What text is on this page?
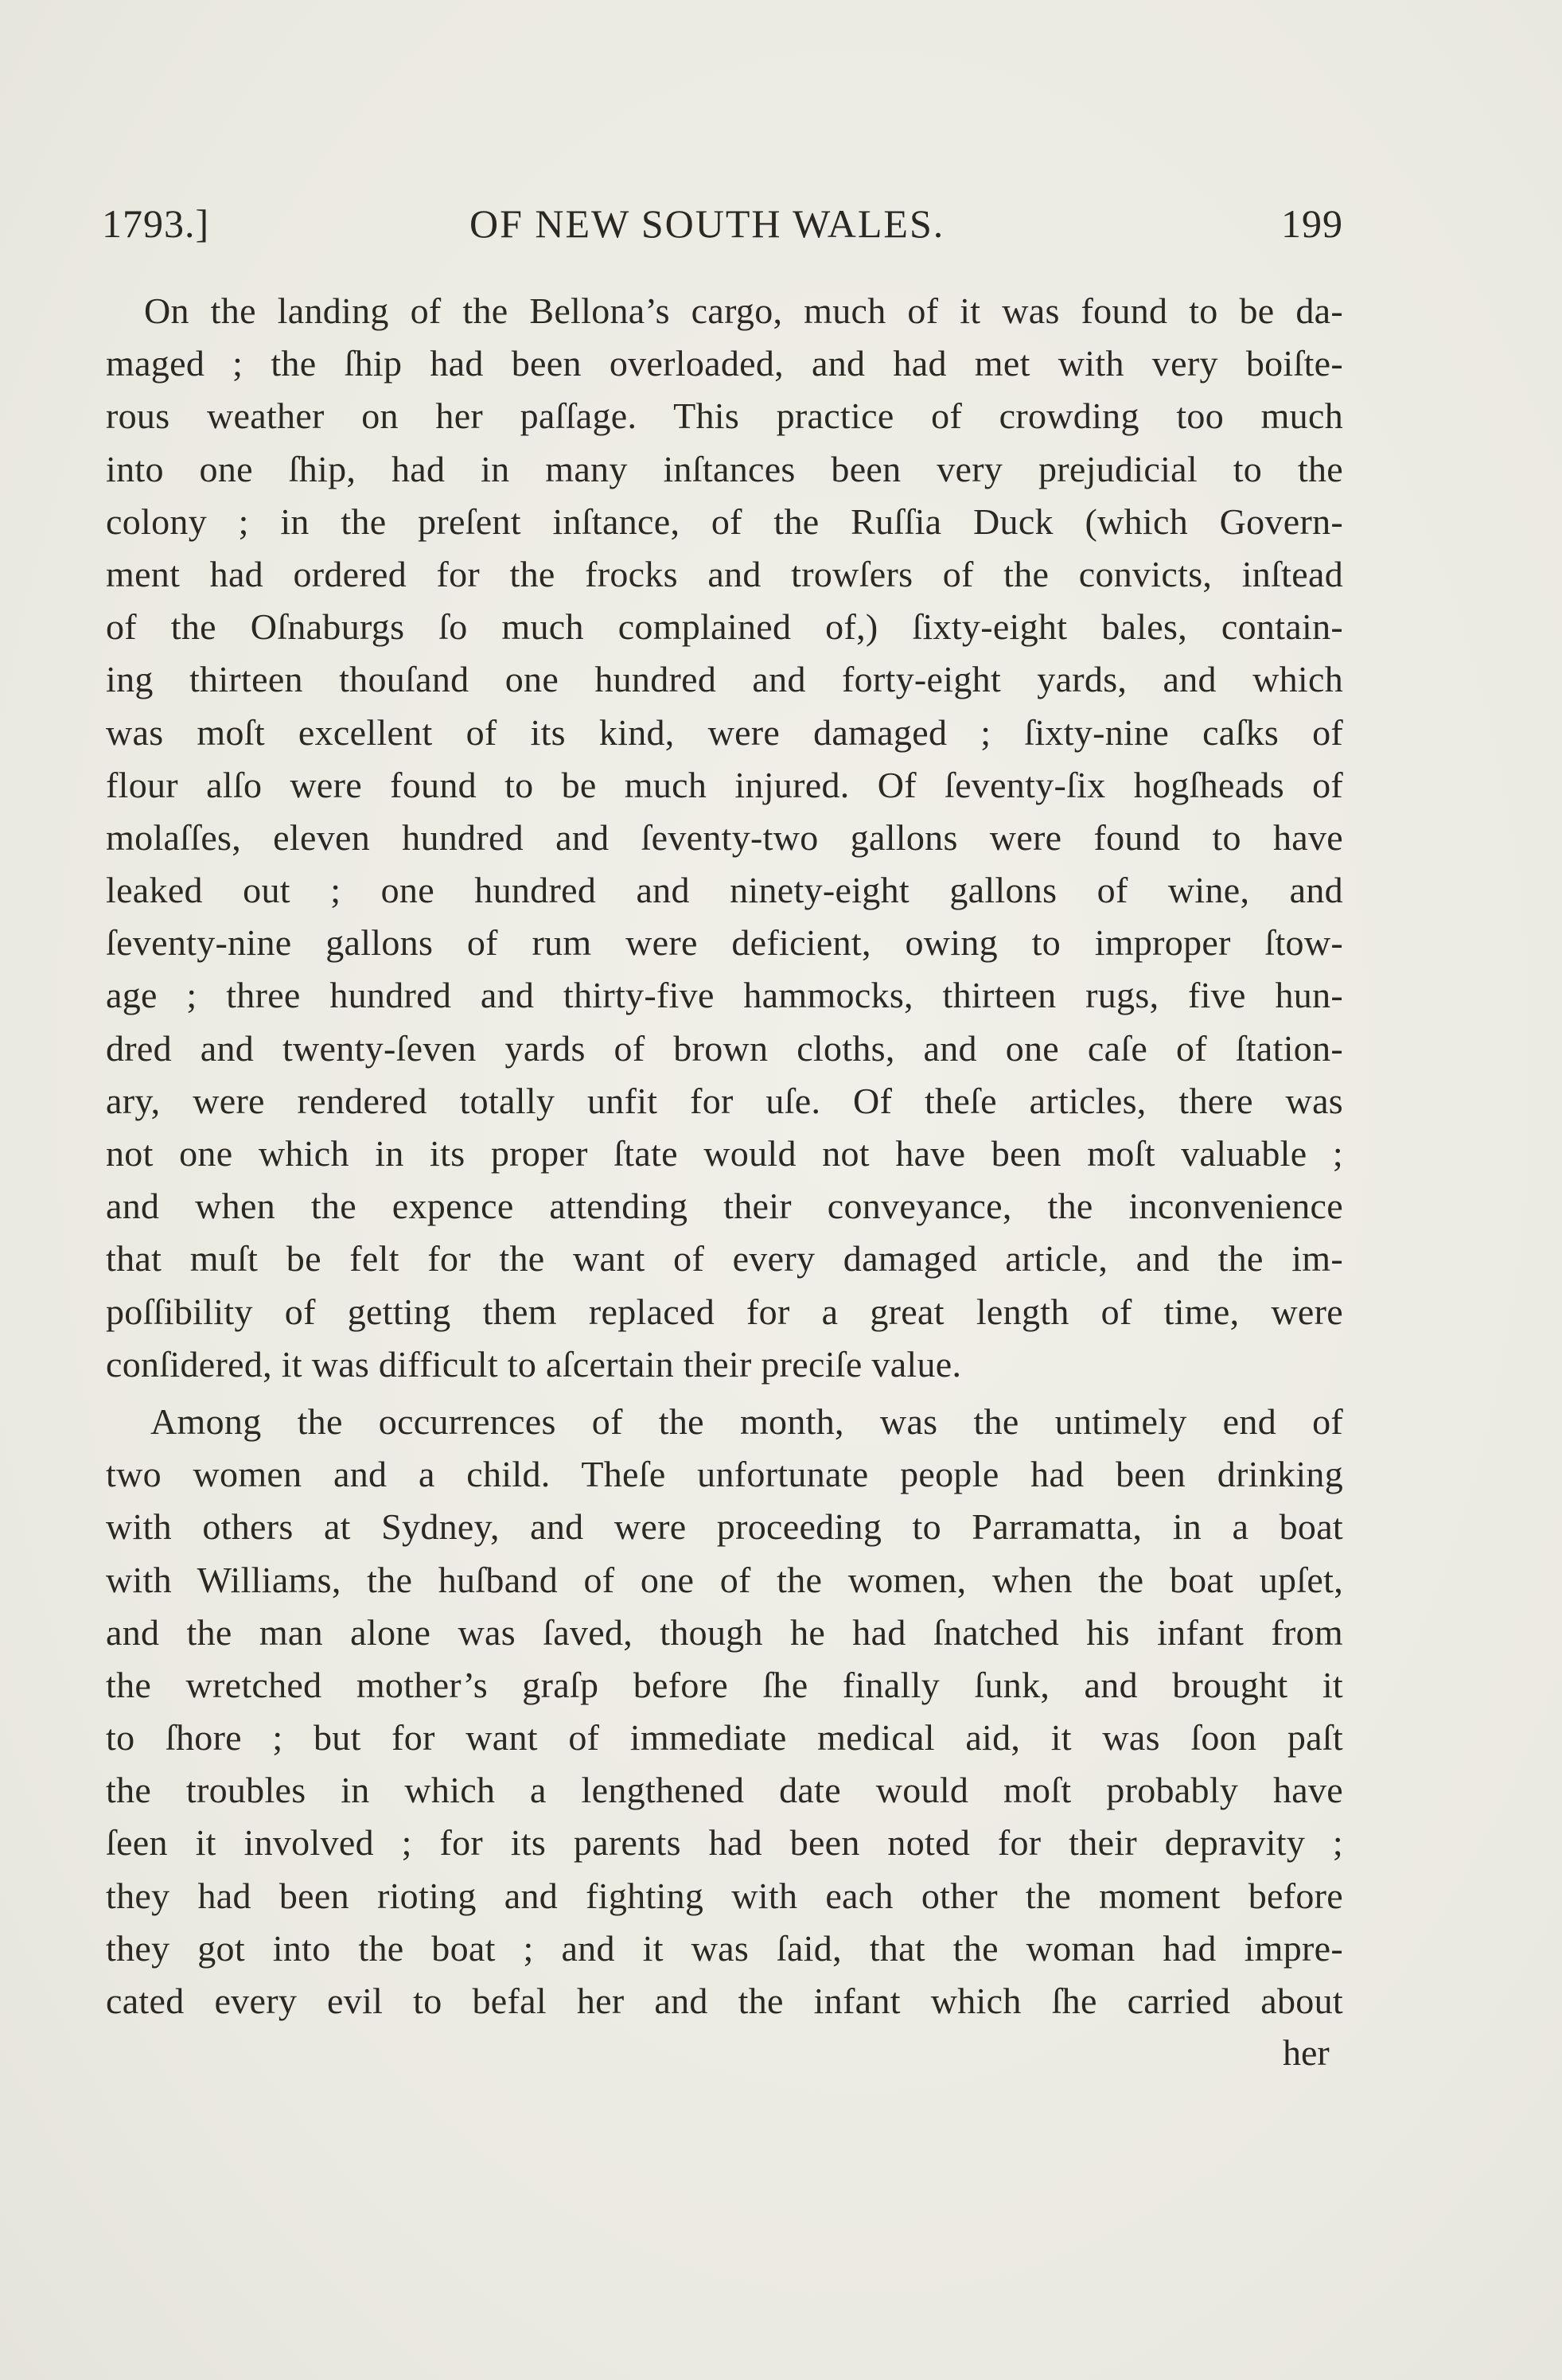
1793.]	OF NEW SOUTH WALES.	199
On the landing of the Bellona’s cargo, much of it was found to be da-
maged ; the ſhip had been overloaded, and had met with very boiſte-
rous weather on her paſſage. This practice of crowding too much
into one ſhip, had in many inſtances been very prejudicial to the
colony ; in the preſent inſtance, of the Ruſſia Duck (which Govern-
ment had ordered for the frocks and trowſers of the convicts, inſtead
of the Oſnaburgs ſo much complained of,) ſixty-eight bales, contain-
ing thirteen thouſand one hundred and forty-eight yards, and which
was moſt excellent of its kind, were damaged ; ſixty-nine caſks of
flour alſo were found to be much injured. Of ſeventy-ſix hogſheads of
molaſſes, eleven hundred and ſeventy-two gallons were found to have
leaked out ; one hundred and ninety-eight gallons of wine, and
ſeventy-nine gallons of rum were deficient, owing to improper ſtow-
age ; three hundred and thirty-five hammocks, thirteen rugs, five hun-
dred and twenty-ſeven yards of brown cloths, and one caſe of ſtation-
ary, were rendered totally unfit for uſe. Of theſe articles, there was
not one which in its proper ſtate would not have been moſt valuable ;
and when the expence attending their conveyance, the inconvenience
that muſt be felt for the want of every damaged article, and the im-
poſſibility of getting them replaced for a great length of time, were
conſidered, it was difficult to aſcertain their preciſe value.
Among the occurrences of the month, was the untimely end of
two women and a child. Theſe unfortunate people had been drinking
with others at Sydney, and were proceeding to Parramatta, in a boat
with Williams, the huſband of one of the women, when the boat upſet,
and the man alone was ſaved, though he had ſnatched his infant from
the wretched mother’s graſp before ſhe finally ſunk, and brought it
to ſhore ; but for want of immediate medical aid, it was ſoon paſt
the troubles in which a lengthened date would moſt probably have
ſeen it involved ; for its parents had been noted for their depravity ;
they had been rioting and fighting with each other the moment before
they got into the boat ; and it was ſaid, that the woman had impre-
cated every evil to befal her and the infant which ſhe carried about
her
